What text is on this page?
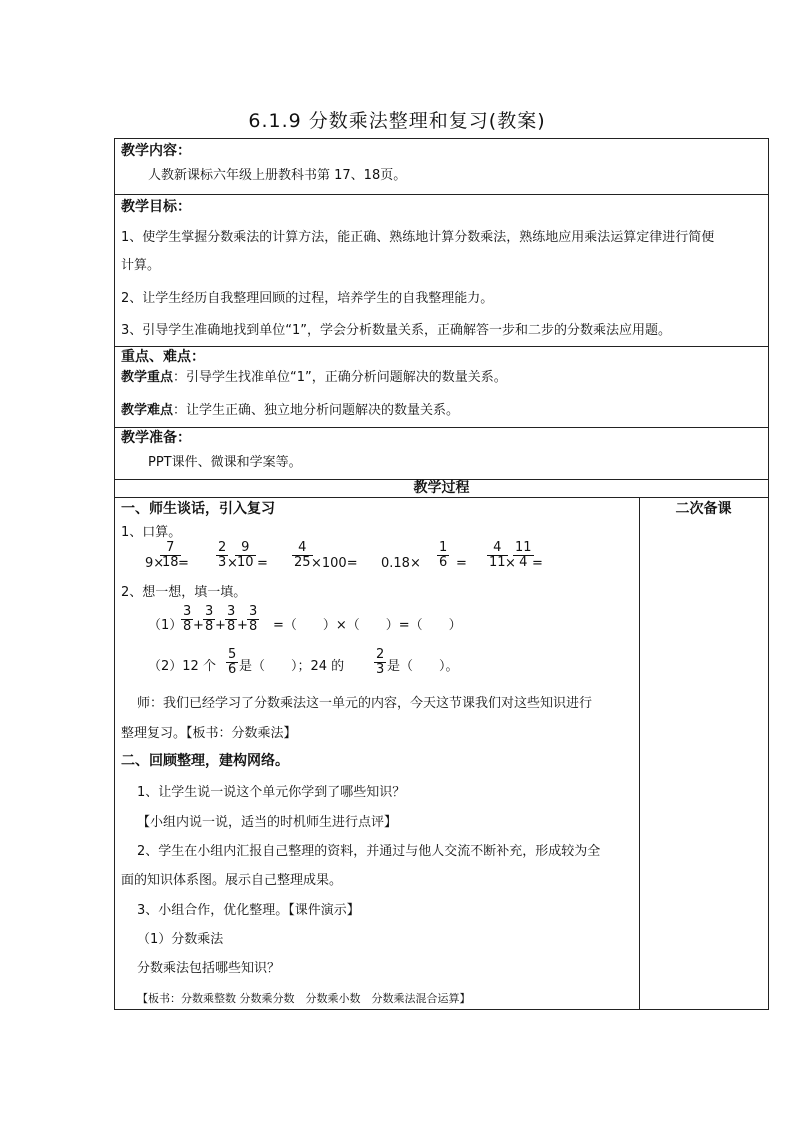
6.1.9 分数乘法整理和复习(教案)
教学内容：
人教新课标六年级上册教科书第 17、18页。
教学目标：
1、使学生掌握分数乘法的计算方法，能正确、熟练地计算分数乘法，熟练地应用乘法运算定律进行简便
计算。
2、让学生经历自我整理回顾的过程，培养学生的自我整理能力。
3、引导学生准确地找到单位“1”，学会分析数量关系，正确解答一步和二步的分数乘法应用题。
重点、难点：
教学重点：引导学生找准单位“1”，正确分析问题解决的数量关系。
教学难点：让学生正确、独立地分析问题解决的数量关系。
教学准备：
PPT课件、微课和学案等。
教学过程
二次备课
一、师生谈话，引入复习
1、口算。
9×
$\frac{7}{18}$
= $\frac{2}{3}$
×
$\frac{9}{10} = \frac{4}{25}$
$\times 100= 0.18\times \frac{1}{6} = \frac{4}{11}$
×
$\frac{11}{4}$
=
2、想一想，填一填。
（1）
$\frac{3}{8} + \frac{3}{8} + \frac{3}{8} + \frac{3}{8}$ =（　　）×（　　）=（　　）
（2）12 个 $\frac{5}{6}$ 是（　　）；24 的 $\frac{2}{3}$ 是（　　）。
师：我们已经学习了分数乘法这一单元的内容，今天这节课我们对这些知识进行
整理复习。【板书：分数乘法】
二、回顾整理，建构网络。
1、让学生说一说这个单元你学到了哪些知识？
【小组内说一说，适当的时机师生进行点评】
2、学生在小组内汇报自己整理的资料，并通过与他人交流不断补充，形成较为全
面的知识体系图。展示自己整理成果。
3、小组合作，优化整理。【课件演示】
（1）分数乘法
分数乘法包括哪些知识？
【板书：分数乘整数 分数乘分数　分数乘小数　分数乘法混合运算】
